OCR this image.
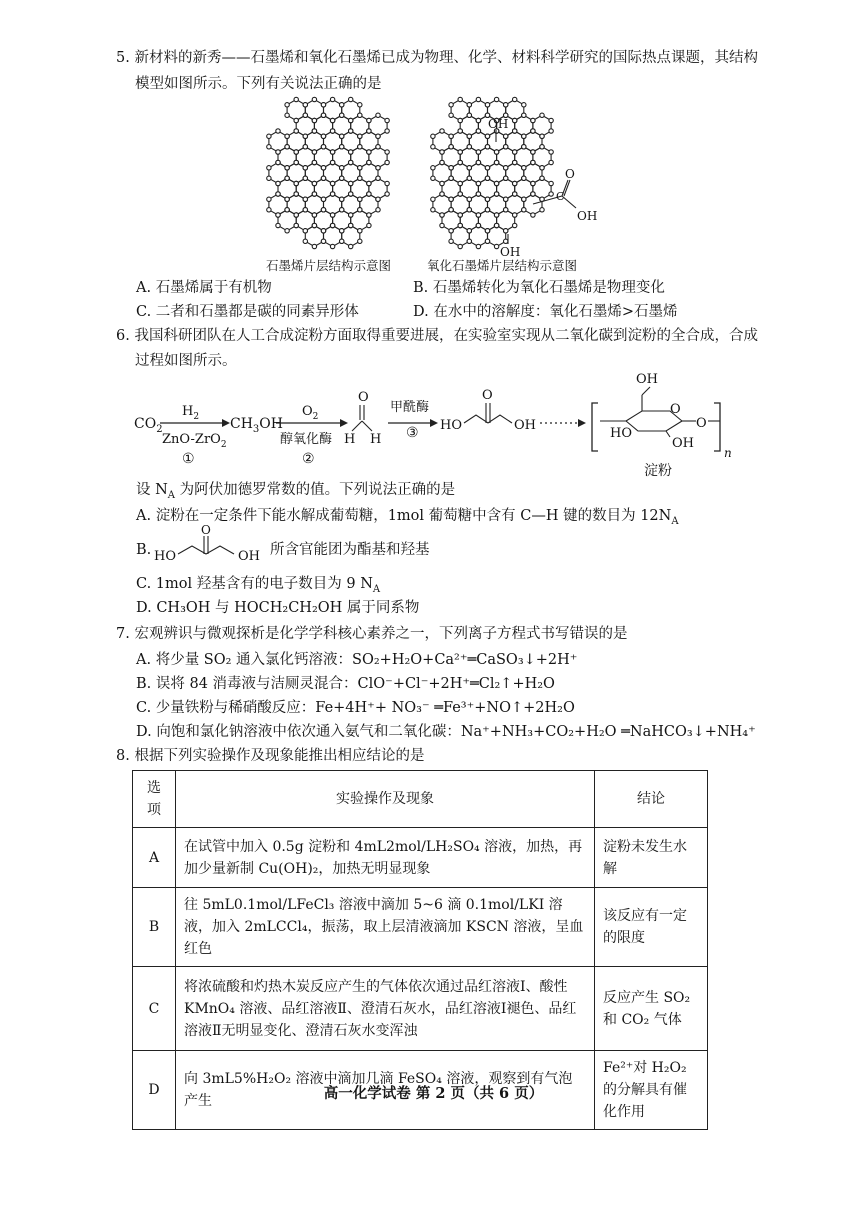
5. 新材料的新秀——石墨烯和氧化石墨烯已成为物理、化学、材料科学研究的国际热点课题，其结构
模型如图所示。下列有关说法正确的是
OH
O
C
OH
OH
石墨烯片层结构示意图	氧化石墨烯片层结构示意图
A. 石墨烯属于有机物	B. 石墨烯转化为氧化石墨烯是物理变化
C. 二者和石墨都是碳的同素异形体	D. 在水中的溶解度：氧化石墨烯>石墨烯
6. 我国科研团队在人工合成淀粉方面取得重要进展，在实验室实现从二氧化碳到淀粉的全合成，合成
过程如图所示。
$CO_2$
$H_2$
ZnO-ZrO$_2$
①
$CH_3OH$
$O_2$
醇氧化酶
②
O
H H
甲酰酶
③ HO
O
OH
OH
O
O
HO
OH
n
淀粉
设 $N_A$ 为阿伏加德罗常数的值。下列说法正确的是
A. 淀粉在一定条件下能水解成葡萄糖，1mol 葡萄糖中含有 C—H 键的数目为 $12N_A$
B. HO
O
OH 所含官能团为酯基和羟基
C. 1mol 羟基含有的电子数目为 9 $N_A$
D. CH₃OH 与 HOCH₂CH₂OH 属于同系物
7. 宏观辨识与微观探析是化学学科核心素养之一，下列离子方程式书写错误的是
A. 将少量 SO₂ 通入氯化钙溶液：SO₂+H₂O+Ca²⁺═CaSO₃↓+2H⁺
B. 误将 84 消毒液与洁厕灵混合：ClO⁻+Cl⁻+2H⁺═Cl₂↑+H₂O
C. 少量铁粉与稀硝酸反应：Fe+4H⁺+ NO₃⁻ ═Fe³⁺+NO↑+2H₂O
D. 向饱和氯化钠溶液中依次通入氨气和二氧化碳：Na⁺+NH₃+CO₂+H₂O ═NaHCO₃↓+NH₄⁺
8. 根据下列实验操作及现象能推出相应结论的是
选项	实验操作及现象	结论
A	在试管中加入 0.5g 淀粉和 4mL2mol/LH₂SO₄ 溶液，加热，再加少量新制 Cu(OH)₂，加热无明显现象	淀粉未发生水解
B	往 5mL0.1mol/LFeCl₃ 溶液中滴加 5~6 滴 0.1mol/LKI 溶液，加入 2mLCCl₄，振荡，取上层清液滴加 KSCN 溶液，呈血红色	该反应有一定的限度
C	将浓硫酸和灼热木炭反应产生的气体依次通过品红溶液Ⅰ、酸性 KMnO₄ 溶液、品红溶液Ⅱ、澄清石灰水，品红溶液Ⅰ褪色、品红溶液Ⅱ无明显变化、澄清石灰水变浑浊	反应产生 SO₂ 和 CO₂ 气体
D	向 3mL5%H₂O₂ 溶液中滴加几滴 FeSO₄ 溶液，观察到有气泡产生	Fe²⁺对 H₂O₂ 的分解具有催化作用
高一化学试卷 第 2 页（共 6 页）
